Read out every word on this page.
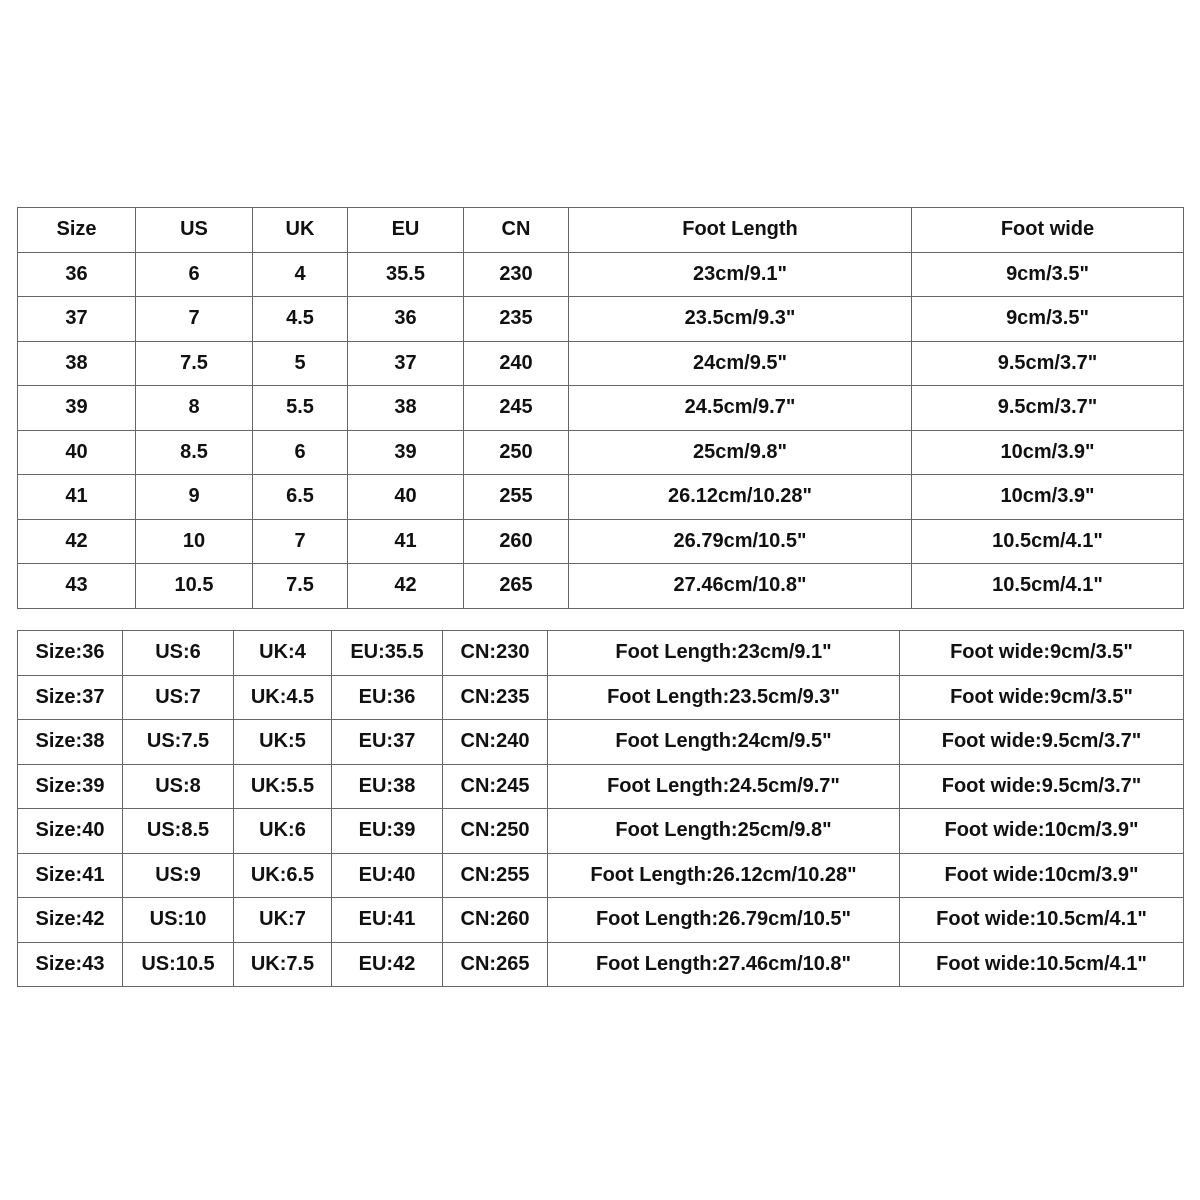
Size	US	UK	EU	CN	Foot Length	Foot wide
36	6	4	35.5	230	23cm/9.1"	9cm/3.5"
37	7	4.5	36	235	23.5cm/9.3"	9cm/3.5"
38	7.5	5	37	240	24cm/9.5"	9.5cm/3.7"
39	8	5.5	38	245	24.5cm/9.7"	9.5cm/3.7"
40	8.5	6	39	250	25cm/9.8"	10cm/3.9"
41	9	6.5	40	255	26.12cm/10.28"	10cm/3.9"
42	10	7	41	260	26.79cm/10.5"	10.5cm/4.1"
43	10.5	7.5	42	265	27.46cm/10.8"	10.5cm/4.1"
Size:36	US:6	UK:4	EU:35.5	CN:230	Foot Length:23cm/9.1"	Foot wide:9cm/3.5"
Size:37	US:7	UK:4.5	EU:36	CN:235	Foot Length:23.5cm/9.3"	Foot wide:9cm/3.5"
Size:38	US:7.5	UK:5	EU:37	CN:240	Foot Length:24cm/9.5"	Foot wide:9.5cm/3.7"
Size:39	US:8	UK:5.5	EU:38	CN:245	Foot Length:24.5cm/9.7"	Foot wide:9.5cm/3.7"
Size:40	US:8.5	UK:6	EU:39	CN:250	Foot Length:25cm/9.8"	Foot wide:10cm/3.9"
Size:41	US:9	UK:6.5	EU:40	CN:255	Foot Length:26.12cm/10.28"	Foot wide:10cm/3.9"
Size:42	US:10	UK:7	EU:41	CN:260	Foot Length:26.79cm/10.5"	Foot wide:10.5cm/4.1"
Size:43	US:10.5	UK:7.5	EU:42	CN:265	Foot Length:27.46cm/10.8"	Foot wide:10.5cm/4.1"
